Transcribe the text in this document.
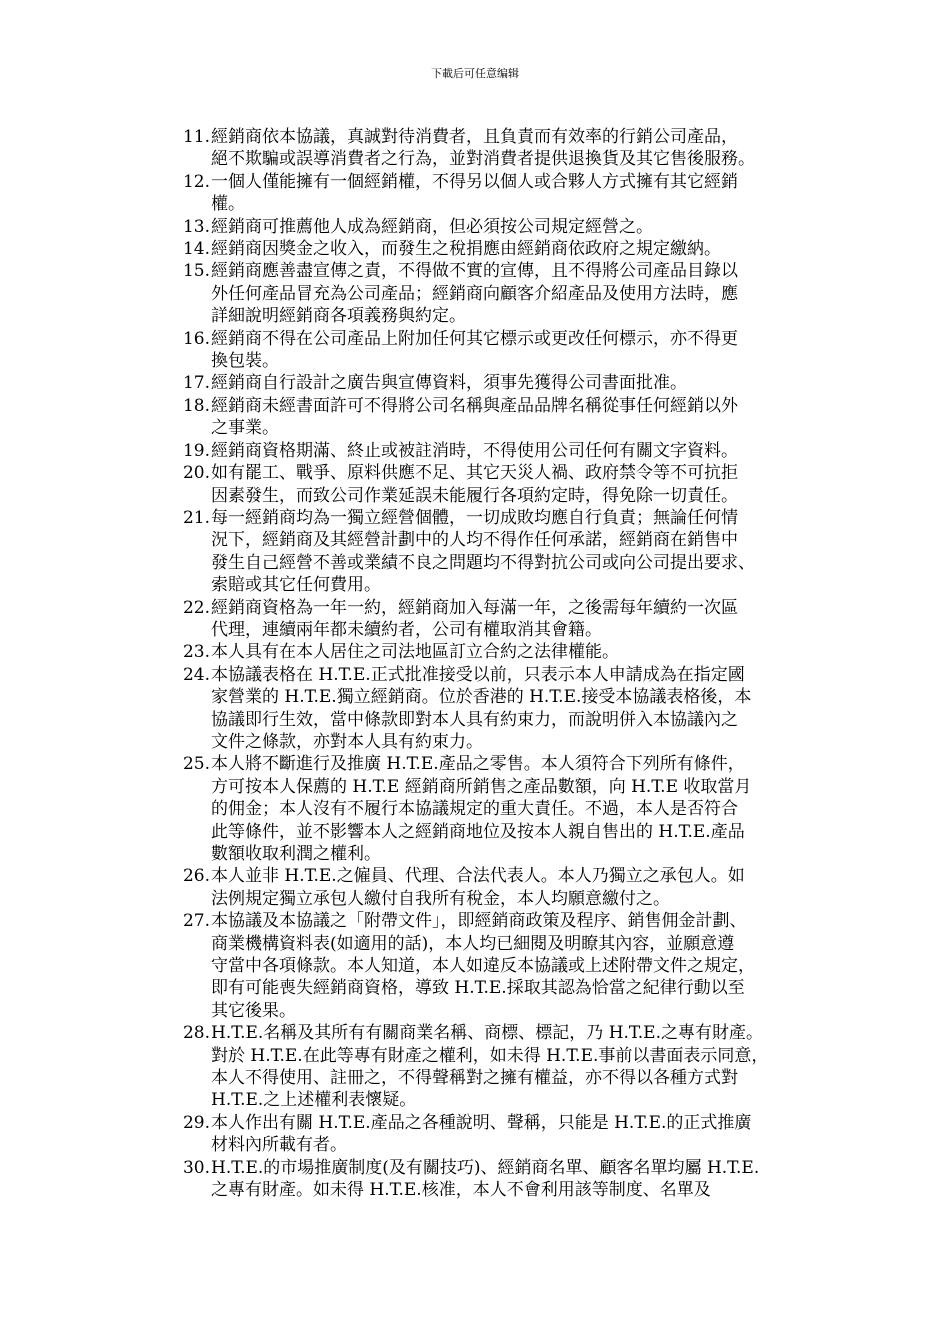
下載后可任意编辑
11. 經銷商依本協議，真誠對待消費者，且負責而有效率的行銷公司產品，
絕不欺騙或誤導消費者之行為，並對消費者提供退換貨及其它售後服務。
12. 一個人僅能擁有一個經銷權，不得另以個人或合夥人方式擁有其它經銷
權。
13. 經銷商可推薦他人成為經銷商，但必須按公司規定經營之。
14. 經銷商因獎金之收入，而發生之稅捐應由經銷商依政府之規定繳納。
15. 經銷商應善盡宣傳之責，不得做不實的宣傳，且不得將公司產品目錄以
外任何產品冒充為公司產品；經銷商向顧客介紹產品及使用方法時，應
詳細說明經銷商各項義務與約定。
16. 經銷商不得在公司產品上附加任何其它標示或更改任何標示，亦不得更
換包裝。
17. 經銷商自行設計之廣告與宣傳資料，須事先獲得公司書面批准。
18. 經銷商未經書面許可不得將公司名稱與產品品牌名稱從事任何經銷以外
之事業。
19. 經銷商資格期滿、終止或被註消時，不得使用公司任何有關文字資料。
20. 如有罷工、戰爭、原料供應不足、其它天災人禍、政府禁令等不可抗拒
因素發生，而致公司作業延誤未能履行各項約定時，得免除一切責任。
21. 每一經銷商均為一獨立經營個體，一切成敗均應自行負責；無論任何情
況下，經銷商及其經營計劃中的人均不得作任何承諾，經銷商在銷售中
發生自己經營不善或業績不良之問題均不得對抗公司或向公司提出要求、
索賠或其它任何費用。
22. 經銷商資格為一年一約，經銷商加入每滿一年，之後需每年續約一次區
代理，連續兩年都未續約者，公司有權取消其會籍。
23. 本人具有在本人居住之司法地區訂立合約之法律權能。
24. 本協議表格在 H.T.E.正式批准接受以前，只表示本人申請成為在指定國
家營業的 H.T.E.獨立經銷商。位於香港的 H.T.E.接受本協議表格後，本
協議即行生效，當中條款即對本人具有約束力，而說明併入本協議內之
文件之條款，亦對本人具有約束力。
25. 本人將不斷進行及推廣 H.T.E.產品之零售。本人須符合下列所有條件，
方可按本人保薦的 H.T.E 經銷商所銷售之產品數額，向 H.T.E 收取當月
的佣金；本人沒有不履行本協議規定的重大責任。不過，本人是否符合
此等條件，並不影響本人之經銷商地位及按本人親自售出的 H.T.E.產品
數額收取利潤之權利。
26. 本人並非 H.T.E.之僱員、代理、合法代表人。本人乃獨立之承包人。如
法例規定獨立承包人繳付自我所有稅金，本人均願意繳付之。
27. 本協議及本協議之「附帶文件」，即經銷商政策及程序、銷售佣金計劃、
商業機構資料表(如適用的話)，本人均已細閱及明瞭其內容，並願意遵
守當中各項條款。本人知道，本人如違反本協議或上述附帶文件之規定，
即有可能喪失經銷商資格，導致 H.T.E.採取其認為恰當之紀律行動以至
其它後果。
28. H.T.E.名稱及其所有有關商業名稱、商標、標記，乃 H.T.E.之專有財產。
對於 H.T.E.在此等專有財產之權利，如未得 H.T.E.事前以書面表示同意，
本人不得使用、註冊之，不得聲稱對之擁有權益，亦不得以各種方式對
H.T.E.之上述權利表懷疑。
29. 本人作出有關 H.T.E.產品之各種說明、聲稱，只能是 H.T.E.的正式推廣
材料內所載有者。
30. H.T.E.的市場推廣制度(及有關技巧)、經銷商名單、顧客名單均屬 H.T.E.
之專有財產。如未得 H.T.E.核准，本人不會利用該等制度、名單及
